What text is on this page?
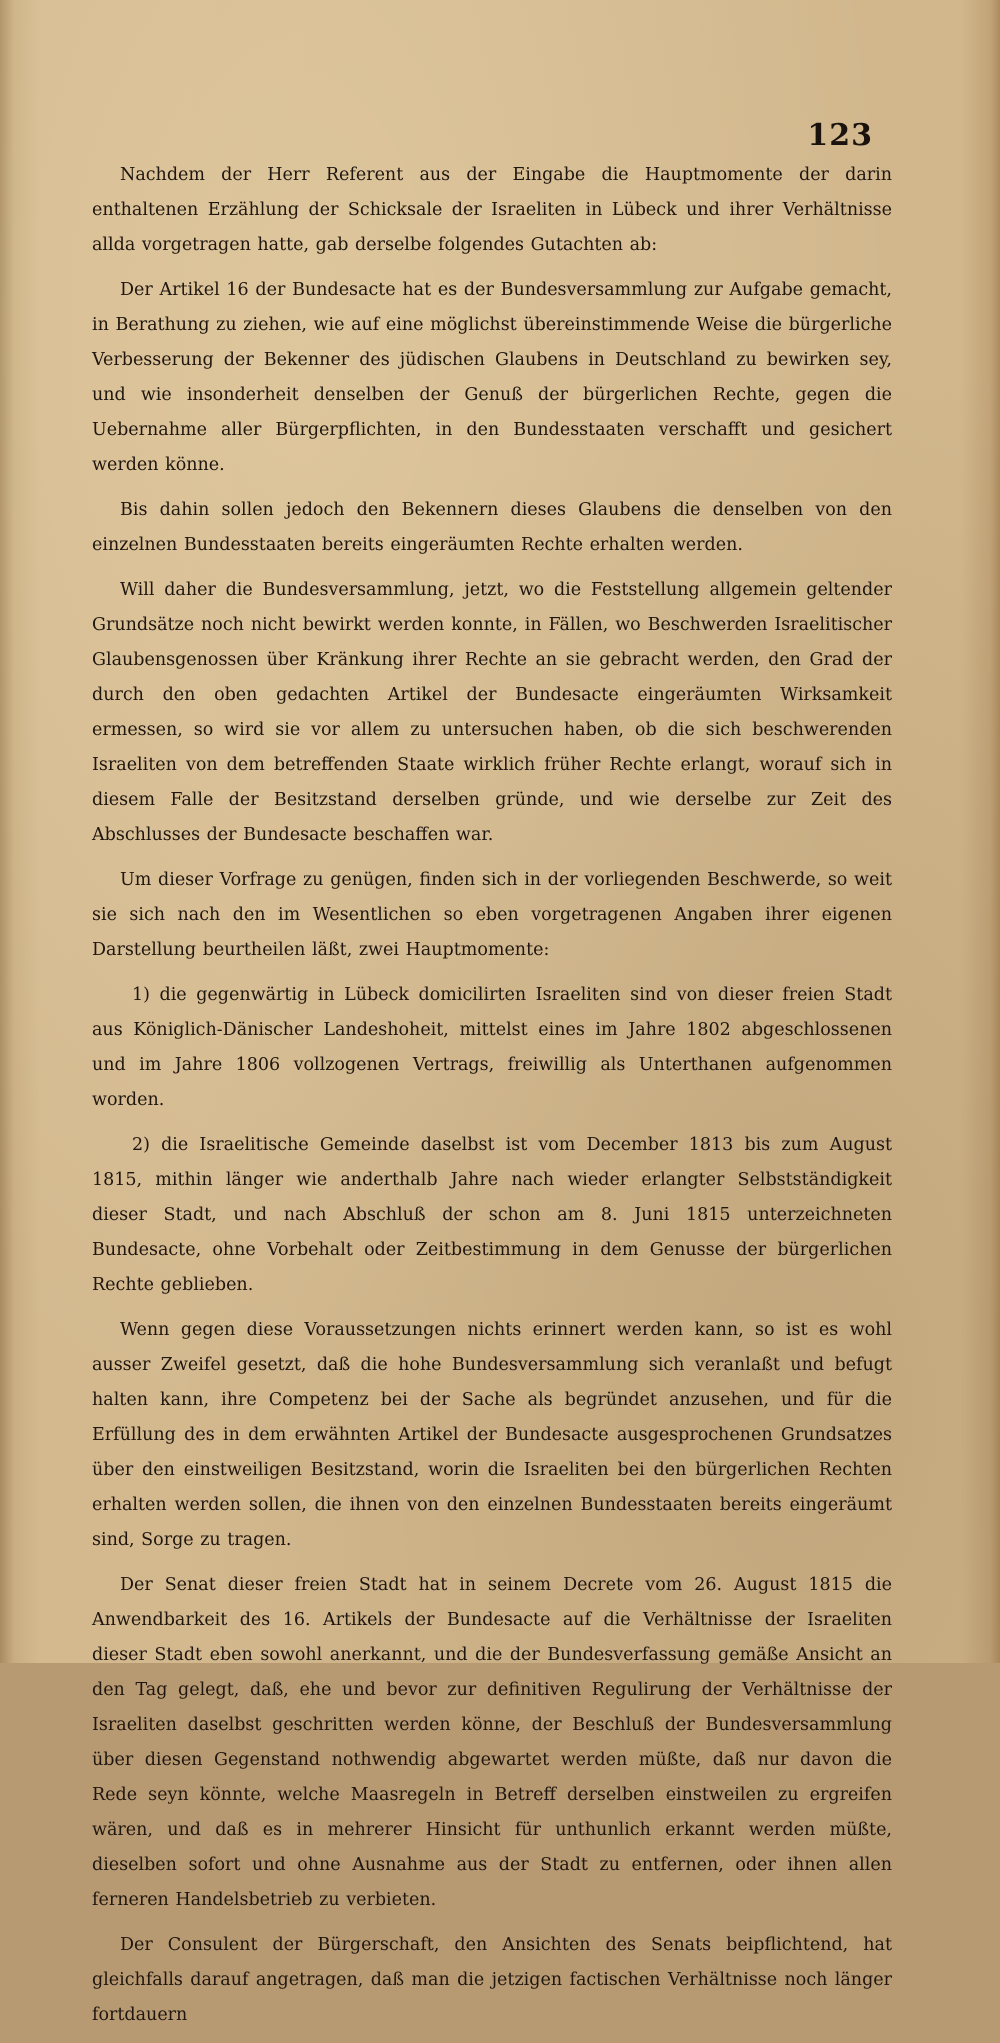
123

Nachdem der Herr Referent aus der Eingabe die Hauptmomente der darin enthaltenen Erzählung der Schicksale der Israeliten in Lübeck und ihrer Verhältnisse allda vorgetragen hatte, gab derselbe folgendes Gutachten ab:

Der Artikel 16 der Bundesacte hat es der Bundesversammlung zur Aufgabe gemacht, in Berathung zu ziehen, wie auf eine möglichst übereinstimmende Weise die bürgerliche Verbesserung der Bekenner des jüdischen Glaubens in Deutschland zu bewirken sey, und wie insonderheit denselben der Genuß der bürgerlichen Rechte, gegen die Uebernahme aller Bürgerpflichten, in den Bundesstaaten verschafft und gesichert werden könne.

Bis dahin sollen jedoch den Bekennern dieses Glaubens die denselben von den einzelnen Bundesstaaten bereits eingeräumten Rechte erhalten werden.

Will daher die Bundesversammlung, jetzt, wo die Feststellung allgemein geltender Grundsätze noch nicht bewirkt werden konnte, in Fällen, wo Beschwerden Israelitischer Glaubensgenossen über Kränkung ihrer Rechte an sie gebracht werden, den Grad der durch den oben gedachten Artikel der Bundesacte eingeräumten Wirksamkeit ermessen, so wird sie vor allem zu untersuchen haben, ob die sich beschwerenden Israeliten von dem betreffenden Staate wirklich früher Rechte erlangt, worauf sich in diesem Falle der Besitzstand derselben gründe, und wie derselbe zur Zeit des Abschlusses der Bundesacte beschaffen war.

Um dieser Vorfrage zu genügen, finden sich in der vorliegenden Beschwerde, so weit sie sich nach den im Wesentlichen so eben vorgetragenen Angaben ihrer eigenen Darstellung beurtheilen läßt, zwei Hauptmomente:

1) die gegenwärtig in Lübeck domicilirten Israeliten sind von dieser freien Stadt aus Königlich-Dänischer Landeshoheit, mittelst eines im Jahre 1802 abgeschlossenen und im Jahre 1806 vollzogenen Vertrags, freiwillig als Unterthanen aufgenommen worden.

2) die Israelitische Gemeinde daselbst ist vom December 1813 bis zum August 1815, mithin länger wie anderthalb Jahre nach wieder erlangter Selbstständigkeit dieser Stadt, und nach Abschluß der schon am 8. Juni 1815 unterzeichneten Bundesacte, ohne Vorbehalt oder Zeitbestimmung in dem Genusse der bürgerlichen Rechte geblieben.

Wenn gegen diese Voraussetzungen nichts erinnert werden kann, so ist es wohl ausser Zweifel gesetzt, daß die hohe Bundesversammlung sich veranlaßt und befugt halten kann, ihre Competenz bei der Sache als begründet anzusehen, und für die Erfüllung des in dem erwähnten Artikel der Bundesacte ausgesprochenen Grundsatzes über den einstweiligen Besitzstand, worin die Israeliten bei den bürgerlichen Rechten erhalten werden sollen, die ihnen von den einzelnen Bundesstaaten bereits eingeräumt sind, Sorge zu tragen.

Der Senat dieser freien Stadt hat in seinem Decrete vom 26. August 1815 die Anwendbarkeit des 16. Artikels der Bundesacte auf die Verhältnisse der Israeliten dieser Stadt eben sowohl anerkannt, und die der Bundesverfassung gemäße Ansicht an den Tag gelegt, daß, ehe und bevor zur definitiven Regulirung der Verhältnisse der Israeliten daselbst geschritten werden könne, der Beschluß der Bundesversammlung über diesen Gegenstand nothwendig abgewartet werden müßte, daß nur davon die Rede seyn könnte, welche Maasregeln in Betreff derselben einstweilen zu ergreifen wären, und daß es in mehrerer Hinsicht für unthunlich erkannt werden müßte, dieselben sofort und ohne Ausnahme aus der Stadt zu entfernen, oder ihnen allen ferneren Handelsbetrieb zu verbieten.

Der Consulent der Bürgerschaft, den Ansichten des Senats beipflichtend, hat gleichfalls darauf angetragen, daß man die jetzigen factischen Verhältnisse noch länger fortdauern
